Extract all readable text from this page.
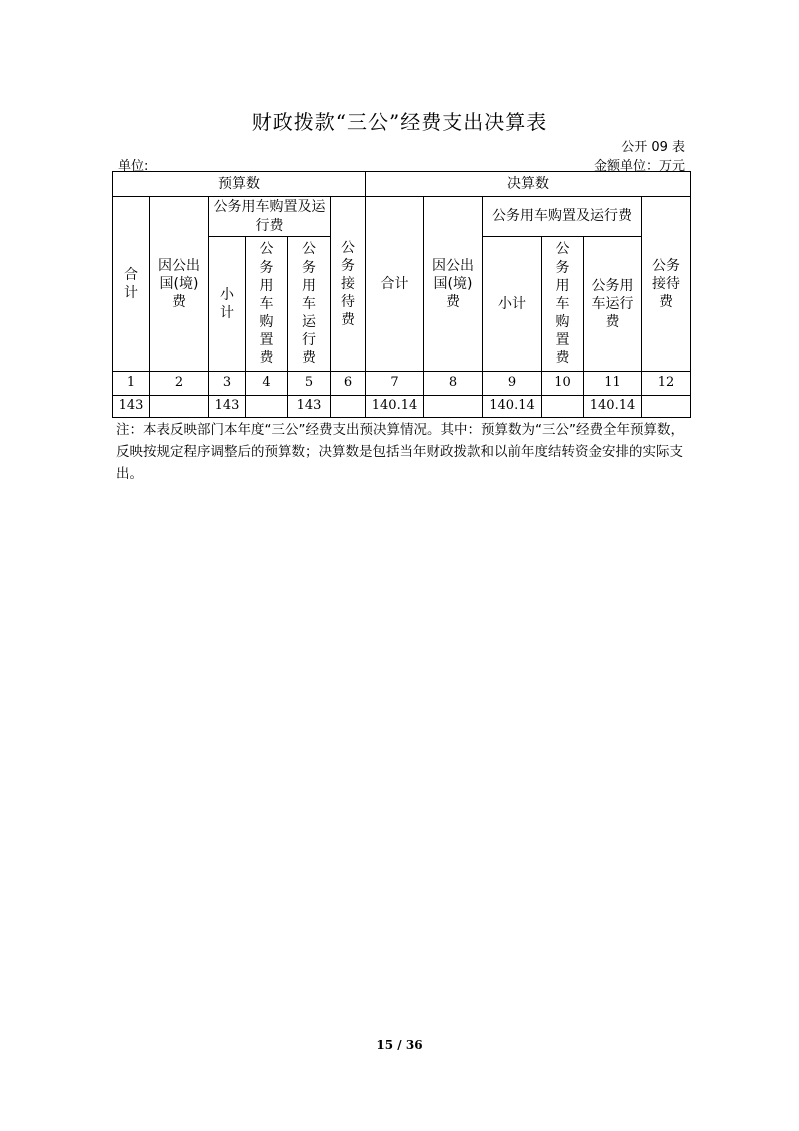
财政拨款“三公”经费支出决算表
公开 09 表
单位:	金额单位：万元
预算数						决算数					
合计	因公出国(境)费	公务用车购置及运行费			公务接待费	合计	因公出国(境)费	公务用车购置及运行费			公务接待费
		小计	公务用车购置费	公务用车运行费				小计	公务用车购置费	公务用车运行费	
1	2	3	4	5	6	7	8	9	10	11	12
143		143		143		140.14		140.14		140.14	
注：本表反映部门本年度“三公”经费支出预决算情况。其中：预算数为“三公”经费全年预算数，反映按规定程序调整后的预算数；决算数是包括当年财政拨款和以前年度结转资金安排的实际支出。
15 / 36
